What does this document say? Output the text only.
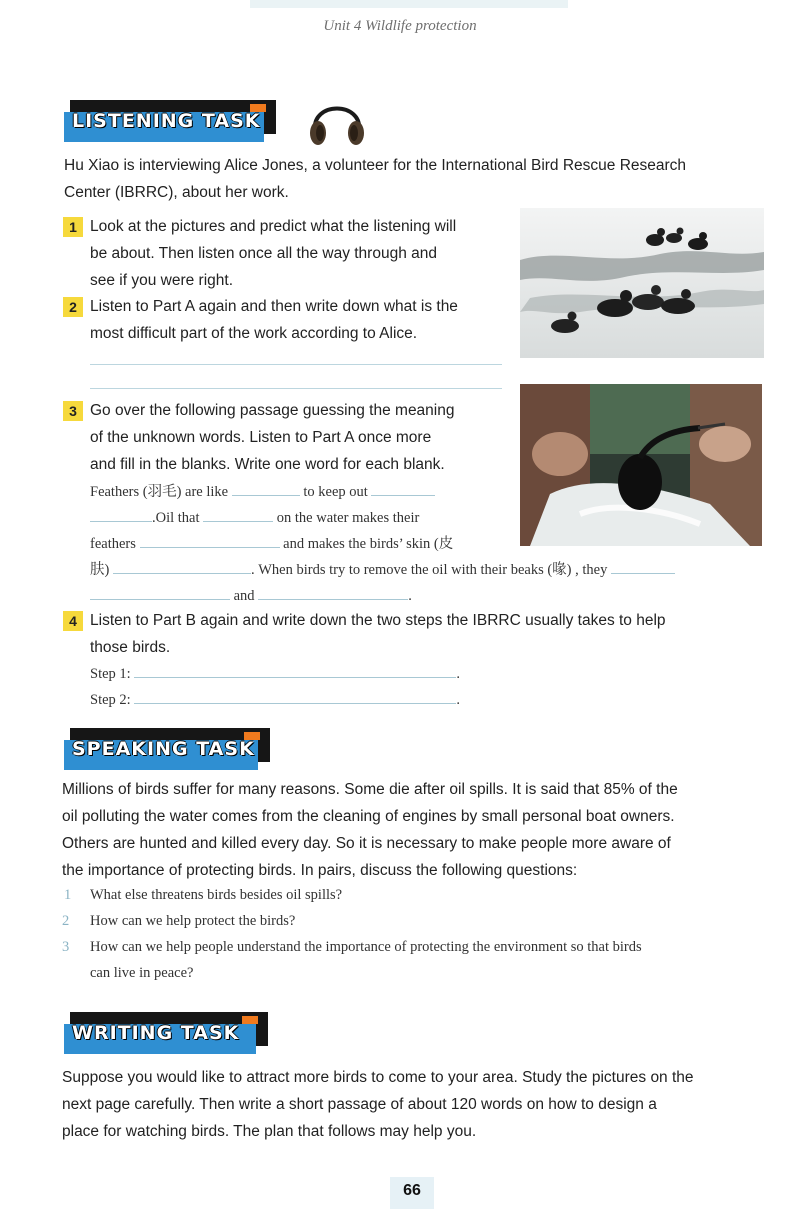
Unit 4 Wildlife protection
LISTENING TASK
Hu Xiao is interviewing Alice Jones, a volunteer for the International Bird Rescue Research
Center (IBRRC), about her work.
1 Look at the pictures and predict what the listening will
be about. Then listen once all the way through and
see if you were right.
2 Listen to Part A again and then write down what is the
most difficult part of the work according to Alice.
3 Go over the following passage guessing the meaning
of the unknown words. Listen to Part A once more
and fill in the blanks. Write one word for each blank.
Feathers (羽毛) are like	to keep out
.Oil that	on the water makes their
feathers	and makes the birds’ skin (皮
肤)	. When birds try to remove the oil with their beaks (喙) , they
and	.
4 Listen to Part B again and write down the two steps the IBRRC usually takes to help
those birds.
Step 1:	.
Step 2:	.
SPEAKING TASK
Millions of birds suffer for many reasons. Some die after oil spills. It is said that 85% of the
oil polluting the water comes from the cleaning of engines by small personal boat owners.
Others are hunted and killed every day. So it is necessary to make people more aware of
the importance of protecting birds. In pairs, discuss the following questions:
1 What else threatens birds besides oil spills?
2 How can we help protect the birds?
3 How can we help people understand the importance of protecting the environment so that birds
can live in peace?
WRITING TASK
Suppose you would like to attract more birds to come to your area. Study the pictures on the
next page carefully. Then write a short passage of about 120 words on how to design a
place for watching birds. The plan that follows may help you.
66
